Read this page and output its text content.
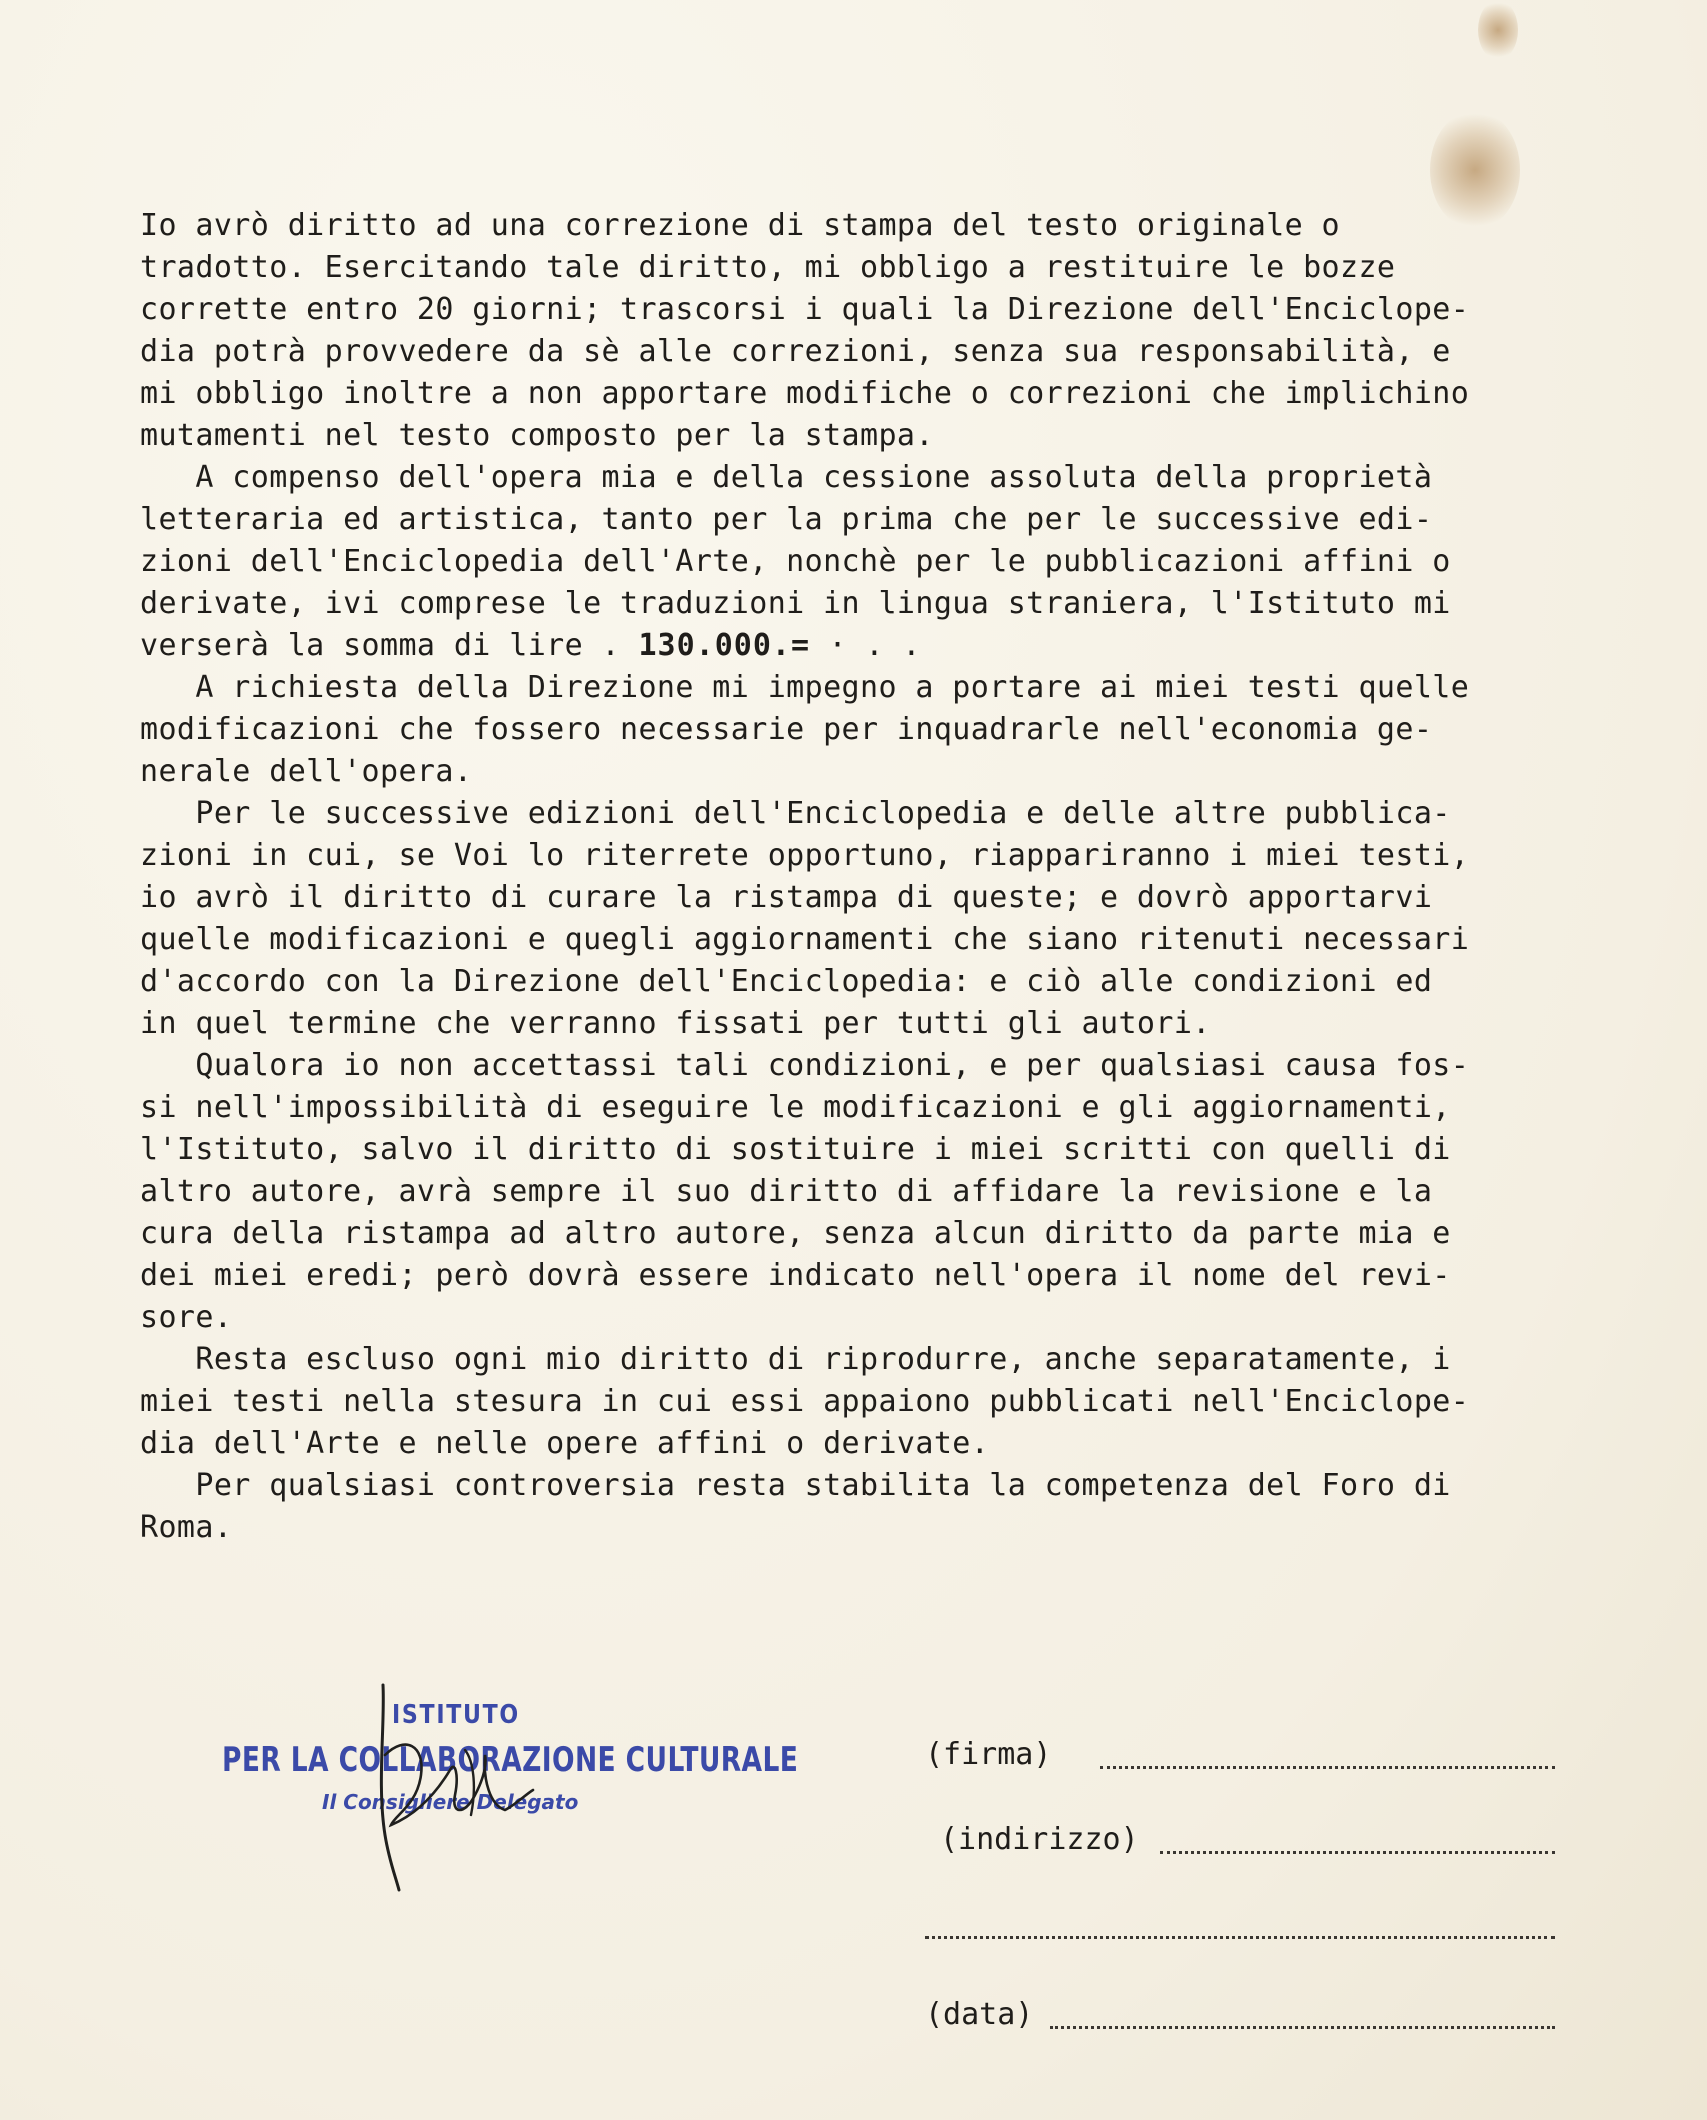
Io avrò diritto ad una correzione di stampa del testo originale o
tradotto. Esercitando tale diritto, mi obbligo a restituire le bozze
corrette entro 20 giorni; trascorsi i quali la Direzione dell'Enciclope-
dia potrà provvedere da sè alle correzioni, senza sua responsabilità, e
mi obbligo inoltre a non apportare modifiche o correzioni che implichino
mutamenti nel testo composto per la stampa.
A compenso dell'opera mia e della cessione assoluta della proprietà
letteraria ed artistica, tanto per la prima che per le successive edi-
zioni dell'Enciclopedia dell'Arte, nonchè per le pubblicazioni affini o
derivate, ivi comprese le traduzioni in lingua straniera, l'Istituto mi
verserà la somma di lire . 130.000.= · . .
A richiesta della Direzione mi impegno a portare ai miei testi quelle
modificazioni che fossero necessarie per inquadrarle nell'economia ge-
nerale dell'opera.
Per le successive edizioni dell'Enciclopedia e delle altre pubblica-
zioni in cui, se Voi lo riterrete opportuno, riappariranno i miei testi,
io avrò il diritto di curare la ristampa di queste; e dovrò apportarvi
quelle modificazioni e quegli aggiornamenti che siano ritenuti necessari
d'accordo con la Direzione dell'Enciclopedia: e ciò alle condizioni ed
in quel termine che verranno fissati per tutti gli autori.
Qualora io non accettassi tali condizioni, e per qualsiasi causa fos-
si nell'impossibilità di eseguire le modificazioni e gli aggiornamenti,
l'Istituto, salvo il diritto di sostituire i miei scritti con quelli di
altro autore, avrà sempre il suo diritto di affidare la revisione e la
cura della ristampa ad altro autore, senza alcun diritto da parte mia e
dei miei eredi; però dovrà essere indicato nell'opera il nome del revi-
sore.
Resta escluso ogni mio diritto di riprodurre, anche separatamente, i
miei testi nella stesura in cui essi appaiono pubblicati nell'Enciclope-
dia dell'Arte e nelle opere affini o derivate.
Per qualsiasi controversia resta stabilita la competenza del Foro di
Roma.
(firma)
(indirizzo)
(data)
ISTITUTO
PER LA COLLABORAZIONE CULTURALE
Il Consigliere Delegato
